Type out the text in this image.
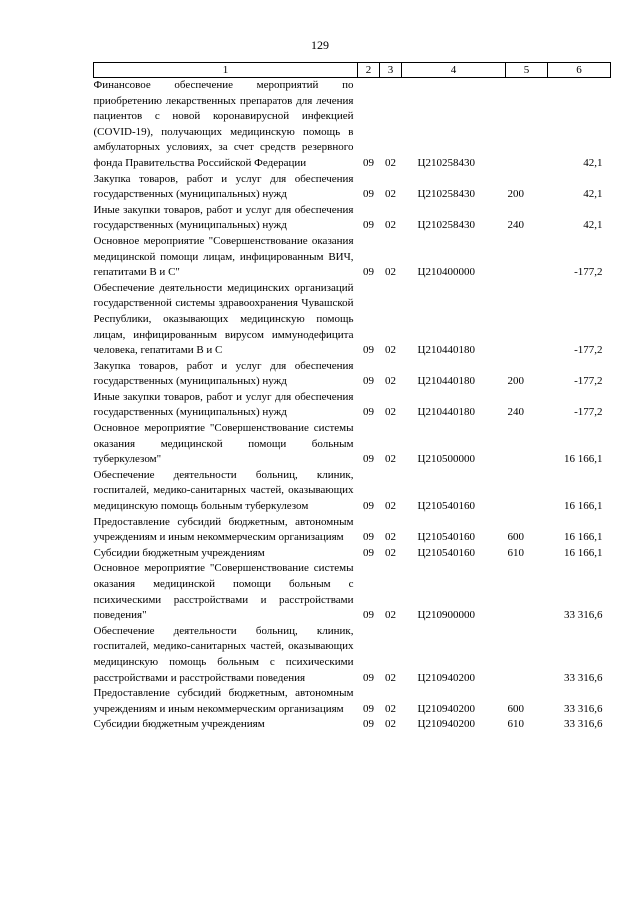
129
1	2	3	4	5	6
Финансовое обеспечение мероприятий по приобретению лекарственных препаратов для лечения пациентов с новой коронавирусной инфекцией (COVID-19), получающих медицинскую помощь в амбулаторных условиях, за счет средств резервного фонда Правительства Российской Федерации	09	02	Ц210258430		42,1
Закупка товаров, работ и услуг для обеспечения государственных (муниципальных) нужд	09	02	Ц210258430	200	42,1
Иные закупки товаров, работ и услуг для обеспечения государственных (муниципальных) нужд	09	02	Ц210258430	240	42,1
Основное мероприятие "Совершенствование оказания медицинской помощи лицам, инфицированным ВИЧ, гепатитами B и C"	09	02	Ц210400000		-177,2
Обеспечение деятельности медицинских организаций государственной системы здравоохранения Чувашской Республики, оказывающих медицинскую помощь лицам, инфицированным вирусом иммунодефицита человека, гепатитами B и C	09	02	Ц210440180		-177,2
Закупка товаров, работ и услуг для обеспечения государственных (муниципальных) нужд	09	02	Ц210440180	200	-177,2
Иные закупки товаров, работ и услуг для обеспечения государственных (муниципальных) нужд	09	02	Ц210440180	240	-177,2
Основное мероприятие "Совершенствование системы оказания медицинской помощи больным туберкулезом"	09	02	Ц210500000		16 166,1
Обеспечение деятельности больниц, клиник, госпиталей, медико-санитарных частей, оказывающих медицинскую помощь больным туберкулезом	09	02	Ц210540160		16 166,1
Предоставление субсидий бюджетным, автономным учреждениям и иным некоммерческим организациям	09	02	Ц210540160	600	16 166,1
Субсидии бюджетным учреждениям	09	02	Ц210540160	610	16 166,1
Основное мероприятие "Совершенствование системы оказания медицинской помощи больным с психическими расстройствами и расстройствами поведения"	09	02	Ц210900000		33 316,6
Обеспечение деятельности больниц, клиник, госпиталей, медико-санитарных частей, оказывающих медицинскую помощь больным с психическими расстройствами и расстройствами поведения	09	02	Ц210940200		33 316,6
Предоставление субсидий бюджетным, автономным учреждениям и иным некоммерческим организациям	09	02	Ц210940200	600	33 316,6
Субсидии бюджетным учреждениям	09	02	Ц210940200	610	33 316,6
